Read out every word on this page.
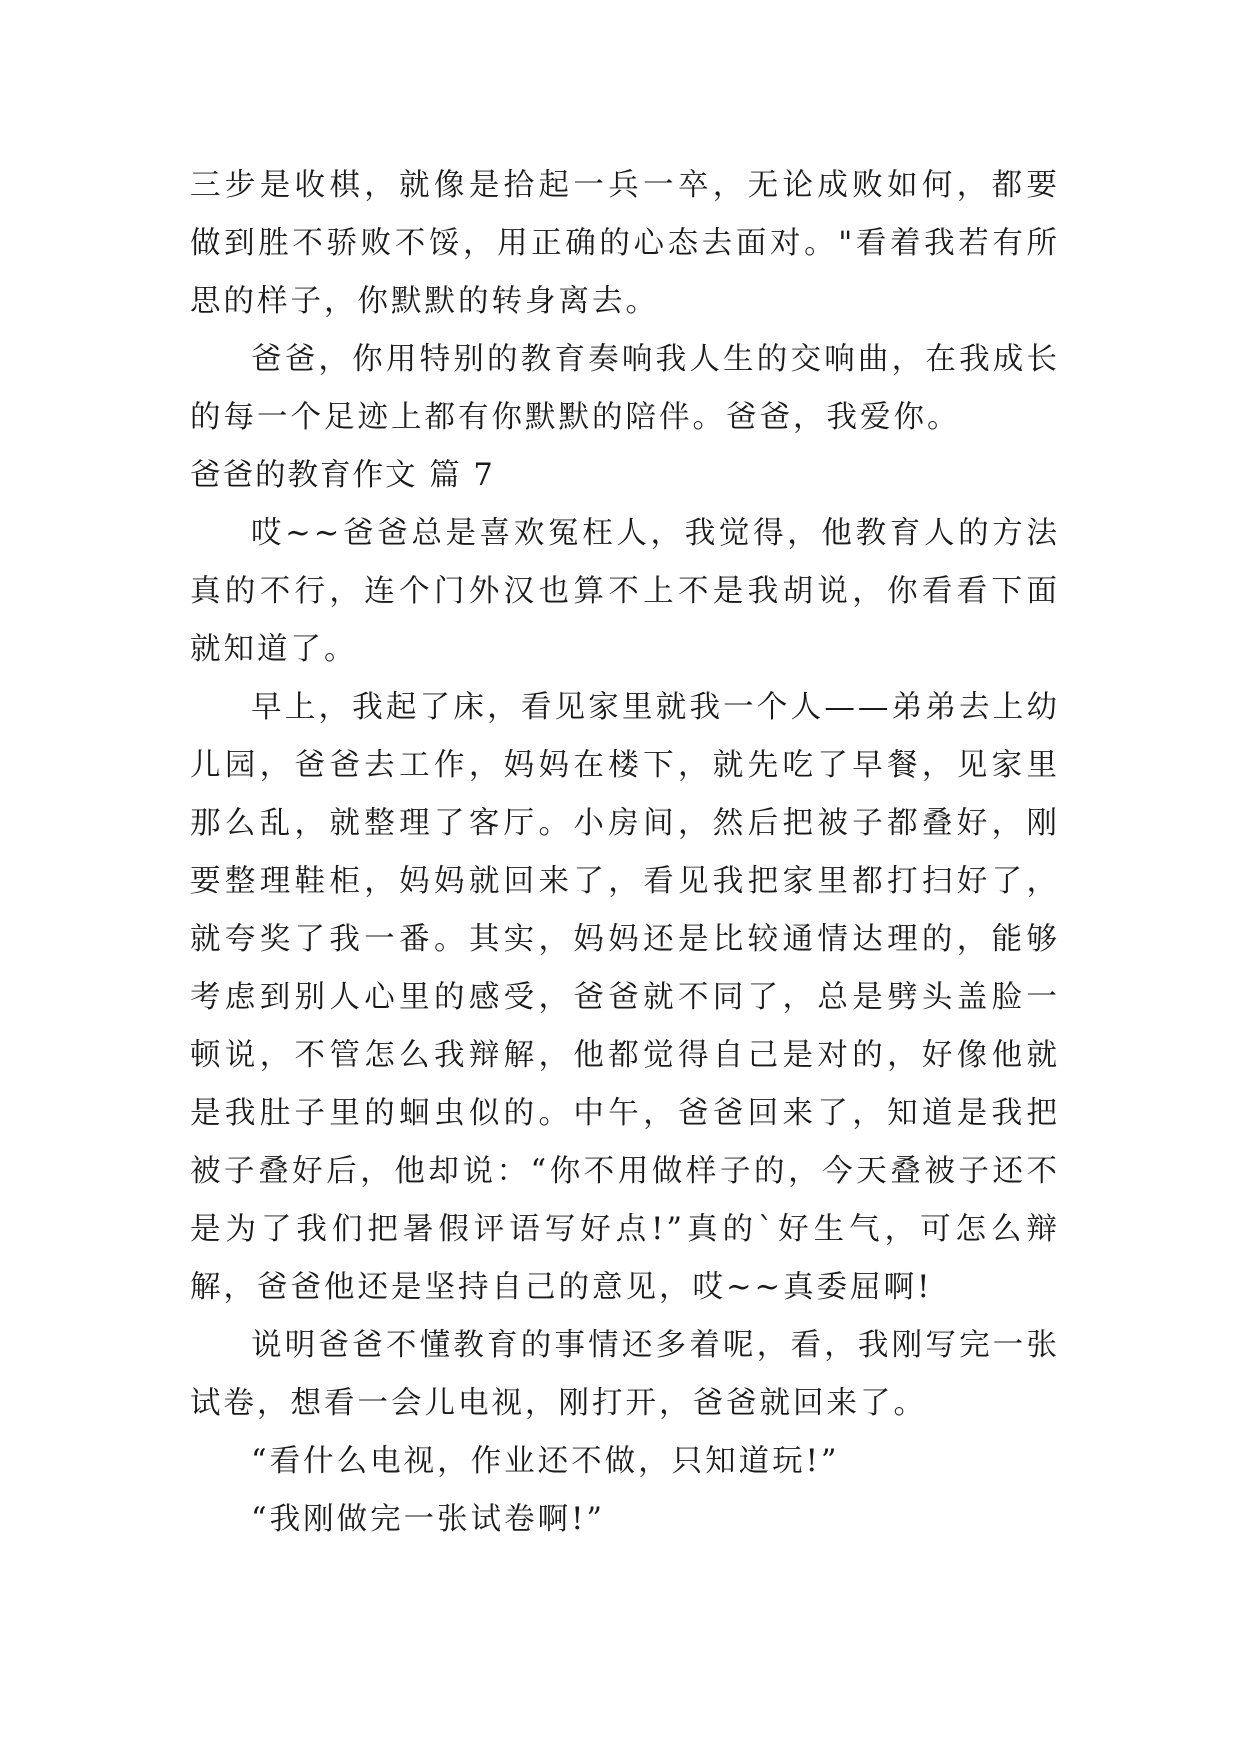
三步是收棋，就像是拾起一兵一卒，无论成败如何，都要做到胜不骄败不馁，用正确的心态去面对。"看着我若有所思的样子，你默默的转身离去。

爸爸，你用特别的教育奏响我人生的交响曲，在我成长的每一个足迹上都有你默默的陪伴。爸爸，我爱你。

爸爸的教育作文 篇 7

哎~~爸爸总是喜欢冤枉人，我觉得，他教育人的方法真的不行，连个门外汉也算不上不是我胡说，你看看下面就知道了。

早上，我起了床，看见家里就我一个人——弟弟去上幼儿园，爸爸去工作，妈妈在楼下，就先吃了早餐，见家里那么乱，就整理了客厅。小房间，然后把被子都叠好，刚要整理鞋柜，妈妈就回来了，看见我把家里都打扫好了，就夸奖了我一番。其实，妈妈还是比较通情达理的，能够考虑到别人心里的感受，爸爸就不同了，总是劈头盖脸一顿说，不管怎么我辩解，他都觉得自己是对的，好像他就是我肚子里的蛔虫似的。中午，爸爸回来了，知道是我把被子叠好后，他却说：“你不用做样子的，今天叠被子还不是为了我们把暑假评语写好点!”真的`好生气，可怎么辩解，爸爸他还是坚持自己的意见，哎~~真委屈啊!

说明爸爸不懂教育的事情还多着呢，看，我刚写完一张试卷，想看一会儿电视，刚打开，爸爸就回来了。

“看什么电视，作业还不做，只知道玩!”

“我刚做完一张试卷啊!”
